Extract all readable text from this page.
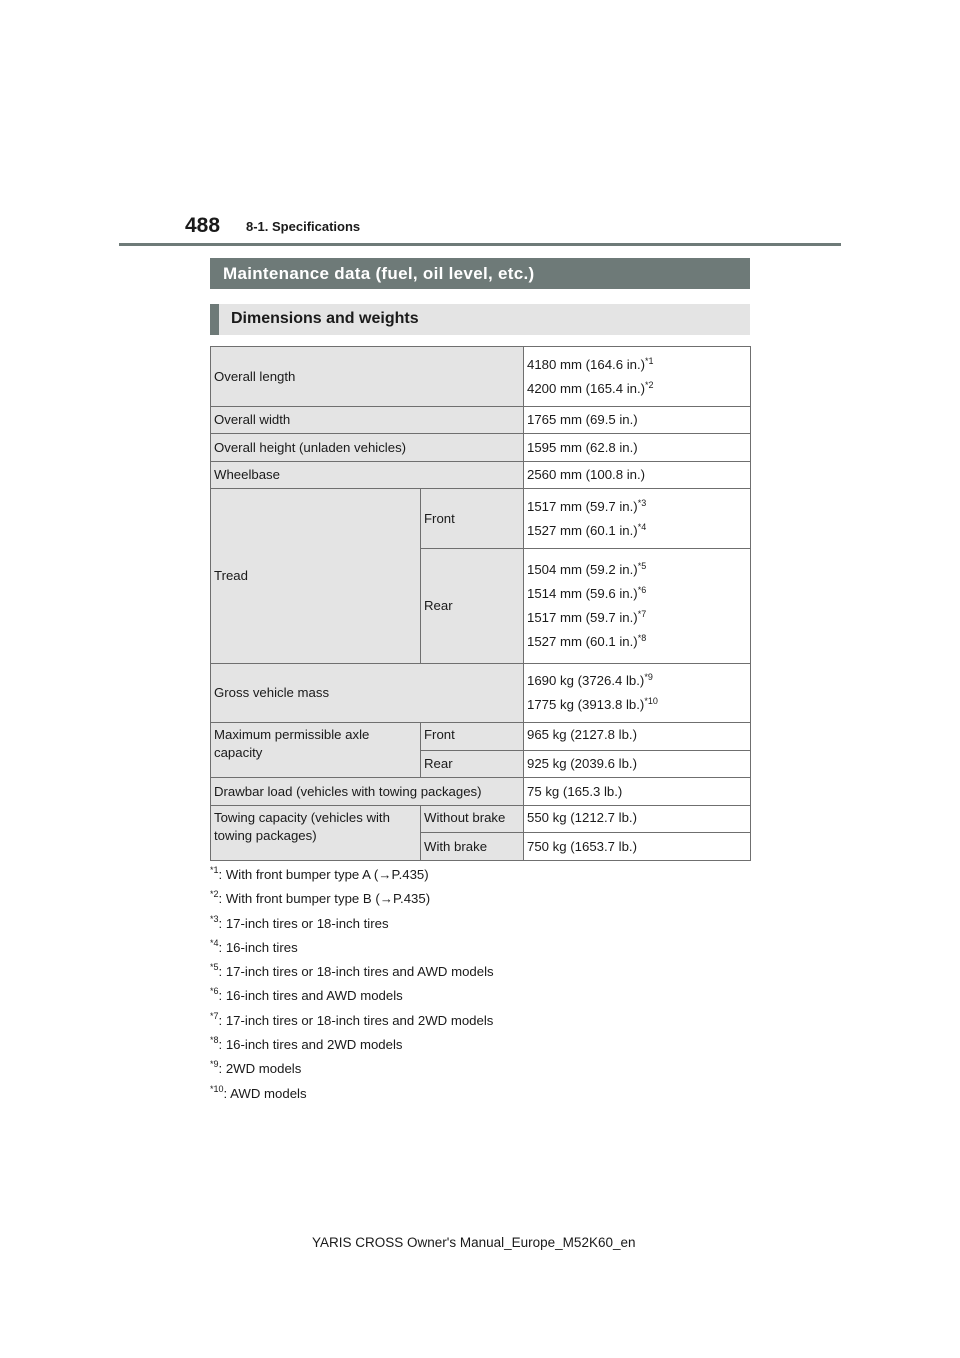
488 8-1. Specifications
Maintenance data (fuel, oil level, etc.)
Dimensions and weights
Overall length		4180 mm (164.6 in.)$^{*1}$
4200 mm (165.4 in.)$^{*2}$

Overall width		1765 mm (69.5 in.)
Overall height (unladen vehicles)		1595 mm (62.8 in.)
Wheelbase		2560 mm (100.8 in.)
Tread	Front	1517 mm (59.7 in.)$^{*3}$
1527 mm (60.1 in.)$^{*4}$

	Rear	1504 mm (59.2 in.)$^{*5}$
1514 mm (59.6 in.)$^{*6}$
1517 mm (59.7 in.)$^{*7}$
1527 mm (60.1 in.)$^{*8}$

Gross vehicle mass		1690 kg (3726.4 lb.)$^{*9}$
1775 kg (3913.8 lb.)$^{*10}$

Maximum permissible axle capacity	Front	965 kg (2127.8 lb.)
	Rear	925 kg (2039.6 lb.)
Drawbar load (vehicles with towing packages)		75 kg (165.3 lb.)
Towing capacity (vehicles with towing packages)	Without brake	550 kg (1212.7 lb.)
	With brake	750 kg (1653.7 lb.)
$^{*1}$: With front bumper type A (→P.435)
$^{*2}$: With front bumper type B (→P.435)
$^{*3}$: 17-inch tires or 18-inch tires
$^{*4}$: 16-inch tires
$^{*5}$: 17-inch tires or 18-inch tires and AWD models
$^{*6}$: 16-inch tires and AWD models
$^{*7}$: 17-inch tires or 18-inch tires and 2WD models
$^{*8}$: 16-inch tires and 2WD models
$^{*9}$: 2WD models
$^{*10}$: AWD models
YARIS CROSS Owner's Manual_Europe_M52K60_en
